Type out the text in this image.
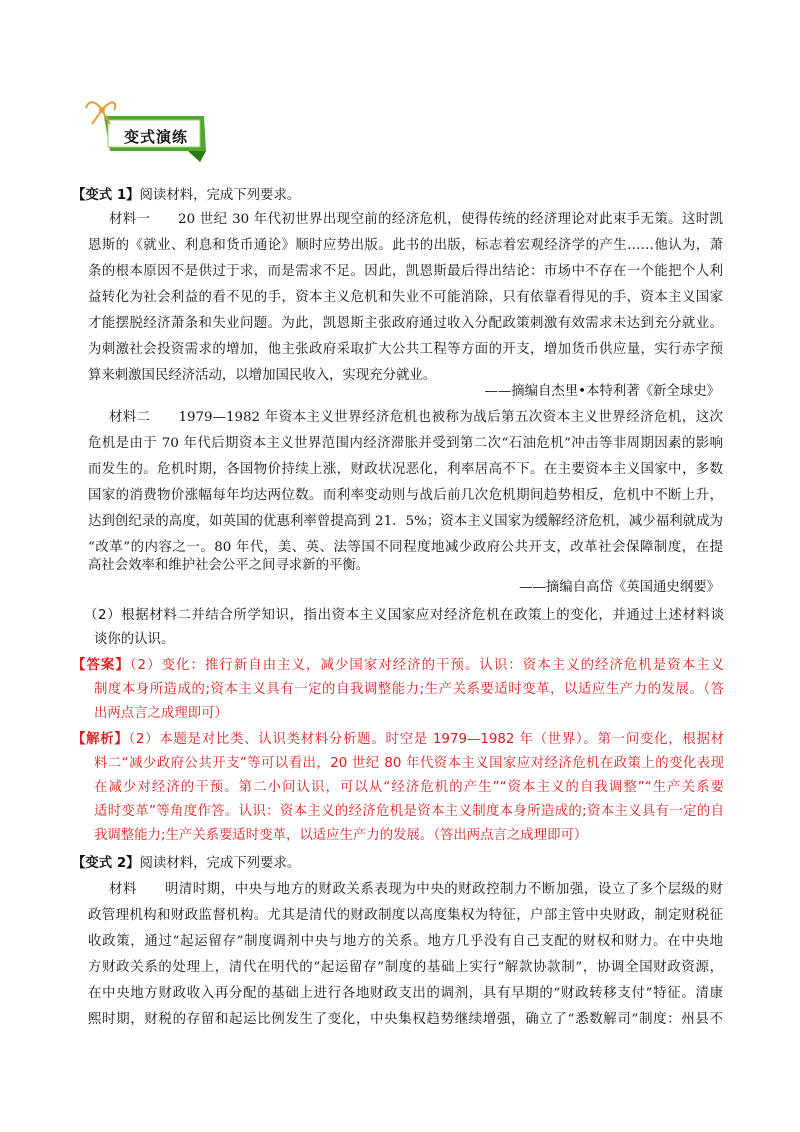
变式演练
【变式 1】阅读材料，完成下列要求。
材料一　　20 世纪 30 年代初世界出现空前的经济危机，使得传统的经济理论对此束手无策。这时凯
恩斯的《就业、利息和货币通论》顺时应势出版。此书的出版，标志着宏观经济学的产生……他认为，萧
条的根本原因不是供过于求，而是需求不足。因此，凯恩斯最后得出结论：市场中不存在一个能把个人利
益转化为社会利益的看不见的手，资本主义危机和失业不可能消除，只有依靠看得见的手，资本主义国家
才能摆脱经济萧条和失业问题。为此，凯恩斯主张政府通过收入分配政策刺激有效需求未达到充分就业。
为刺激社会投资需求的增加，他主张政府采取扩大公共工程等方面的开支，增加货币供应量，实行赤字预
算来刺激国民经济活动，以增加国民收入，实现充分就业。
——摘编自杰里•本特利著《新全球史》
材料二　　1979—1982 年资本主义世界经济危机也被称为战后第五次资本主义世界经济危机，这次
危机是由于 70 年代后期资本主义世界范围内经济滞胀并受到第二次“石油危机”冲击等非周期因素的影响
而发生的。危机时期，各国物价持续上涨，财政状况恶化，利率居高不下。在主要资本主义国家中，多数
国家的消费物价涨幅每年均达两位数。而利率变动则与战后前几次危机期间趋势相反，危机中不断上升，
达到创纪录的高度，如英国的优惠利率曾提高到 21．5%；资本主义国家为缓解经济危机，减少福利就成为
“改革”的内容之一。80 年代，美、英、法等国不同程度地减少政府公共开支，改革社会保障制度，在提
高社会效率和维护社会公平之间寻求新的平衡。
——摘编自高岱《英国通史纲要》
（2）根据材料二并结合所学知识，指出资本主义国家应对经济危机在政策上的变化，并通过上述材料谈
谈你的认识。
【答案】（2）变化：推行新自由主义，减少国家对经济的干预。认识：资本主义的经济危机是资本主义
制度本身所造成的;资本主义具有一定的自我调整能力;生产关系要适时变革，以适应生产力的发展。（答
出两点言之成理即可）
【解析】（2）本题是对比类、认识类材料分析题。时空是 1979—1982 年（世界）。第一问变化，根据材
料二“减少政府公共开支”等可以看出，20 世纪 80 年代资本主义国家应对经济危机在政策上的变化表现
在减少对经济的干预。第二小问认识，可以从“经济危机的产生”“资本主义的自我调整”“生产关系要
适时变革”等角度作答。认识：资本主义的经济危机是资本主义制度本身所造成的;资本主义具有一定的自
我调整能力;生产关系要适时变革，以适应生产力的发展。（答出两点言之成理即可）
【变式 2】阅读材料，完成下列要求。
材料　　明清时期，中央与地方的财政关系表现为中央的财政控制力不断加强，设立了多个层级的财
政管理机构和财政监督机构。尤其是清代的财政制度以高度集权为特征，户部主管中央财政，制定财税征
收政策，通过“起运留存”制度调剂中央与地方的关系。地方几乎没有自己支配的财权和财力。在中央地
方财政关系的处理上，清代在明代的“起运留存”制度的基础上实行“解款协款制”，协调全国财政资源，
在中央地方财政收入再分配的基础上进行各地财政支出的调剂，具有早期的“财政转移支付”特征。清康
熙时期，财税的存留和起运比例发生了变化，中央集权趋势继续增强，确立了“悉数解司”制度：州县不
